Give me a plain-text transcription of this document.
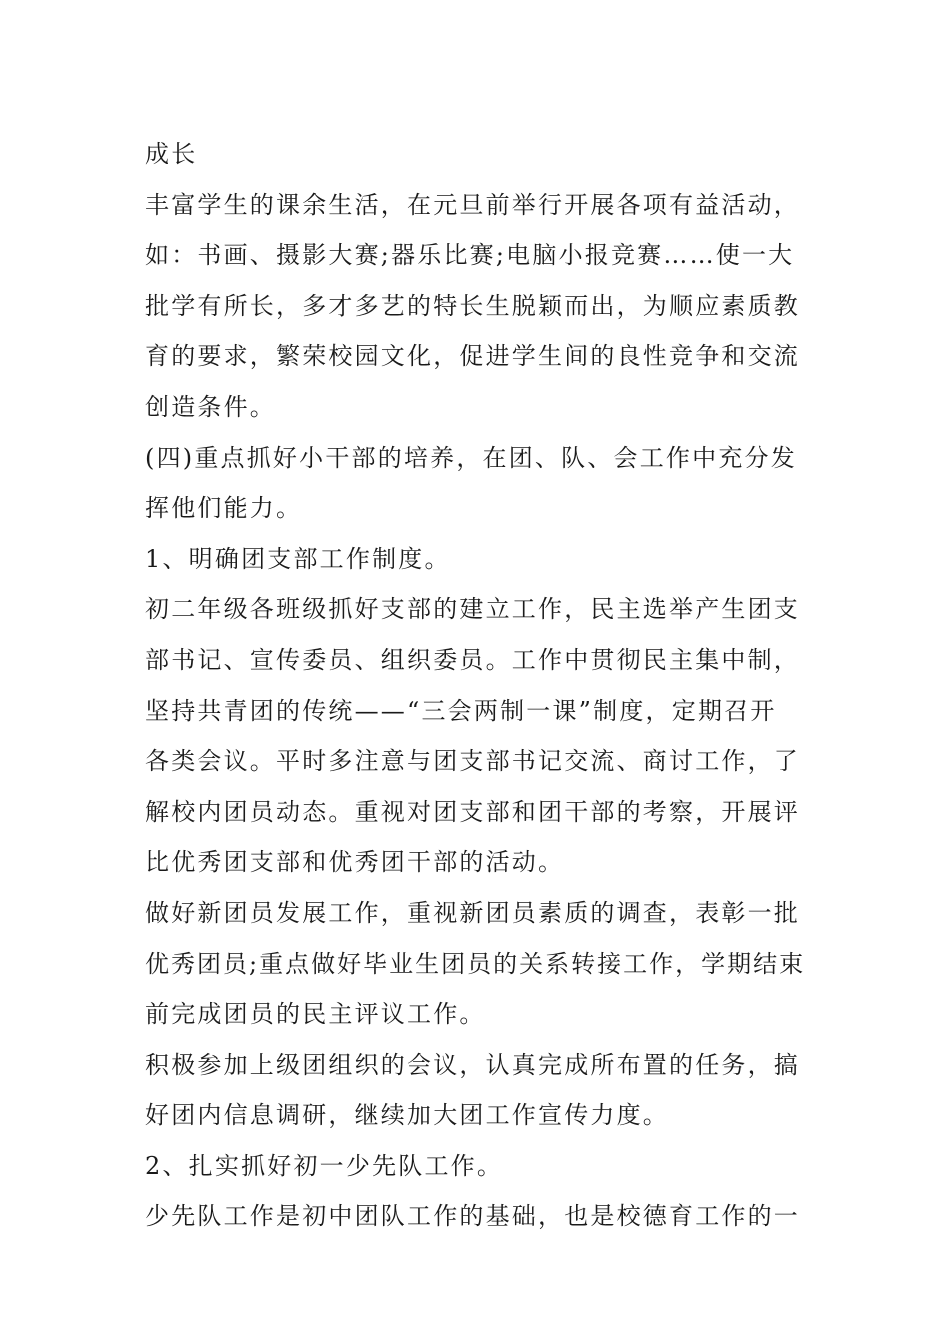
成长
丰富学生的课余生活，在元旦前举行开展各项有益活动，
如：书画、摄影大赛;器乐比赛;电脑小报竞赛……使一大
批学有所长，多才多艺的特长生脱颖而出，为顺应素质教
育的要求，繁荣校园文化，促进学生间的良性竞争和交流
创造条件。
(四)重点抓好小干部的培养，在团、队、会工作中充分发
挥他们能力。
1、明确团支部工作制度。
初二年级各班级抓好支部的建立工作，民主选举产生团支
部书记、宣传委员、组织委员。工作中贯彻民主集中制，
坚持共青团的传统——“三会两制一课”制度，定期召开
各类会议。平时多注意与团支部书记交流、商讨工作，了
解校内团员动态。重视对团支部和团干部的考察，开展评
比优秀团支部和优秀团干部的活动。
做好新团员发展工作，重视新团员素质的调查，表彰一批
优秀团员;重点做好毕业生团员的关系转接工作，学期结束
前完成团员的民主评议工作。
积极参加上级团组织的会议，认真完成所布置的任务，搞
好团内信息调研，继续加大团工作宣传力度。
2、扎实抓好初一少先队工作。
少先队工作是初中团队工作的基础，也是校德育工作的一
